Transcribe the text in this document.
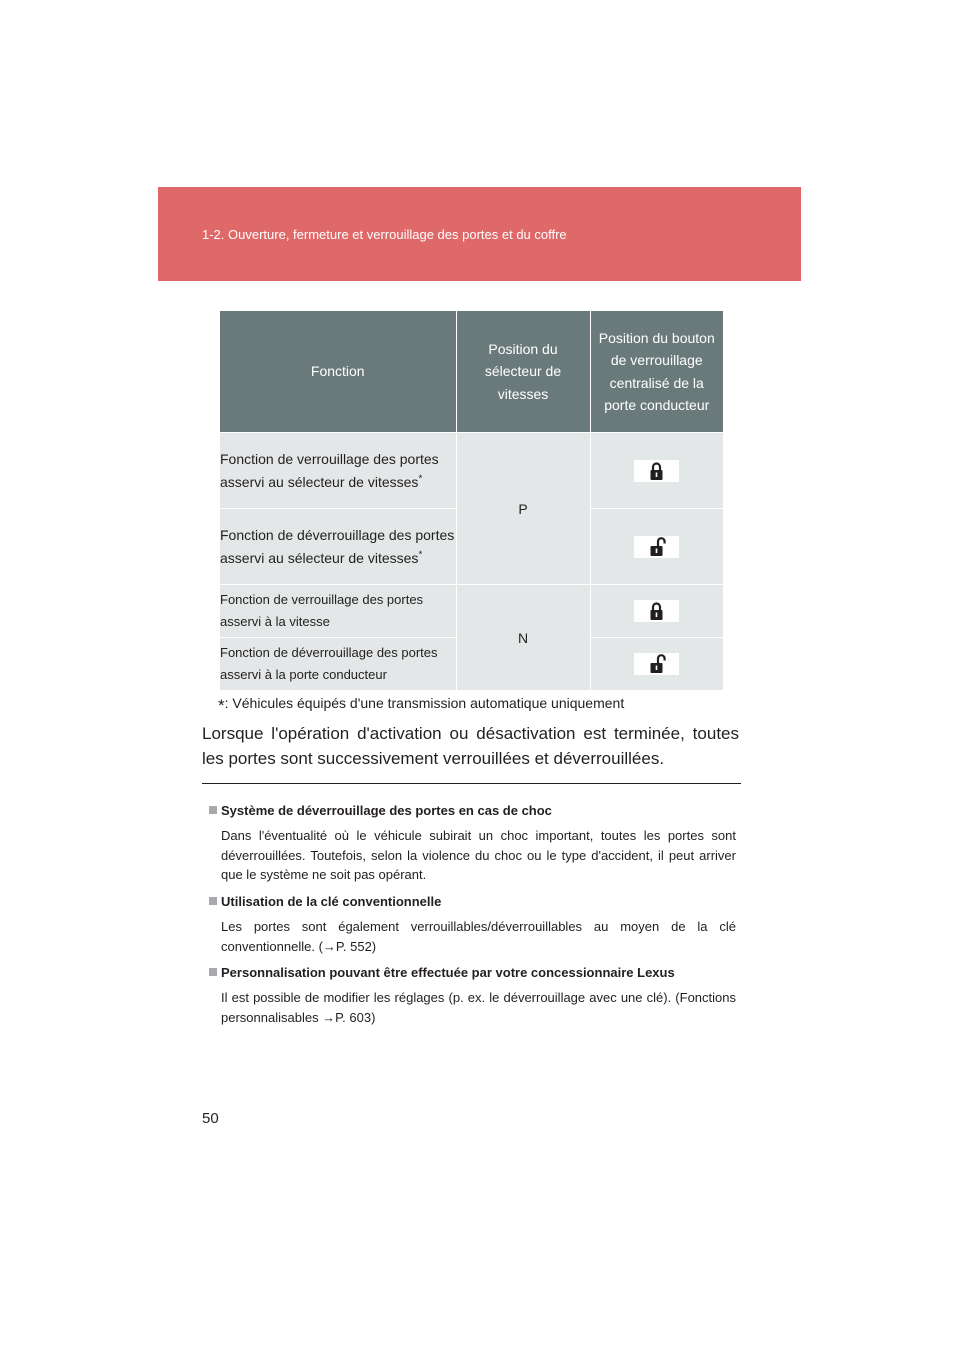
1-2. Ouverture, fermeture et verrouillage des portes et du coffre
Fonction	Position du sélecteur de vitesses	Position du bouton de verrouillage centralisé de la porte conducteur
Fonction de verrouillage des portes asservi au sélecteur de vitesses*	P	

Fonction de déverrouillage des portes asservi au sélecteur de vitesses*	

Fonction de verrouillage des portes asservi à la vitesse	N	

Fonction de déverrouillage des portes asservi à la porte conducteur	
*: Véhicules équipés d'une transmission automatique uniquement
Lorsque l'opération d'activation ou désactivation est terminée, toutes les portes sont successivement verrouillées et déverrouillées.
Système de déverrouillage des portes en cas de choc
Dans l'éventualité où le véhicule subirait un choc important, toutes les portes sont déverrouillées. Toutefois, selon la violence du choc ou le type d'accident, il peut arriver que le système ne soit pas opérant.
Utilisation de la clé conventionnelle
Les portes sont également verrouillables/déverrouillables au moyen de la clé conventionnelle. (→P. 552)
Personnalisation pouvant être effectuée par votre concessionnaire Lexus
Il est possible de modifier les réglages (p. ex. le déverrouillage avec une clé). (Fonctions personnalisables →P. 603)
50
